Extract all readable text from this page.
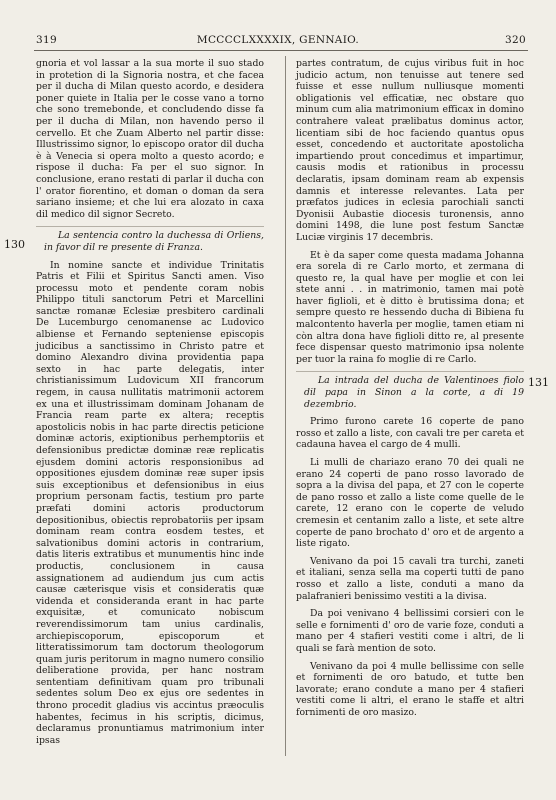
319	MCCCCLXXXXIX, GENNAIO.	320
130
131

gnoria et vol lassar a la sua morte il suo stado in protetion di la Signoria nostra, et che facea per il ducha di Milan questo acordo, e desidera poner quiete in Italia per le cosse vano a torno che sono tremebonde, et concludendo disse fa per il ducha di Milan, non havendo perso il cervello. Et che Zuam Alberto nel partir disse: Illustrissimo signor, lo episcopo orator dil ducha è à Venecia si opera molto a questo acordo; e rispose il ducha: Fa per el suo signor. In conclusione, erano restati di parlar il ducha con l' orator fiorentino, et doman o doman da sera sariano insieme; et che lui era alozato in caxa dil medico dil signor Secreto.

La sentencia contro la duchessa di Orliens, in favor dil re presente di Franza.

In nomine sancte et individue Trinitatis Patris et Filii et Spiritus Sancti amen. Viso processu moto et pendente coram nobis Philippo tituli sanctorum Petri et Marcellini sanctæ romanæ Eclesiæ presbitero cardinali De Lucemburgo cenomanense ac Ludovico albiense et Fernando septeniense episcopis judicibus a sanctissimo in Christo patre et domino Alexandro divina providentia papa sexto in hac parte delegatis, inter christianissimum Ludovicum XII francorum regem, in causa nullitatis matrimonii actorem ex una et illustrissimam dominam Johanam de Francia ream parte ex altera; receptis apostolicis nobis in hac parte directis peticione dominæ actoris, exiptionibus perhemptoriis et defensionibus predictæ dominæ reæ replicatis ejusdem domini actoris responsionibus ad oppositiones ejusdem dominæ reæ super ipsis suis exceptionibus et defensionibus in eius proprium personam factis, testium pro parte præfati domini actoris productorum depositionibus, obiectis reprobatoriis per ipsam dominam ream contra eosdem testes, et salvationibus domini actoris in contrarium, datis literis extratibus et munumentis hinc inde productis, conclusionem in causa assignationem ad audiendum jus cum actis causæ cæterisque visis et consideratis quæ videnda et consideranda erant in hac parte exquisitæ, et comunicato nobiscum reverendissimorum tam unius cardinalis, archiepiscoporum, episcoporum et litteratissimorum tam doctorum theologorum quam juris peritorum in magno numero consilio deliberatione provida, per hanc nostram sententiam definitivam quam pro tribunali sedentes solum Deo ex ejus ore sedentes in throno procedit gladius vis accintus præoculis habentes, fecimus in his scriptis, dicimus, declaramus pronuntiamus matrimonium inter ipsas

partes contratum, de cujus viribus fuit in hoc judicio actum, non tenuisse aut tenere sed fuisse et esse nullum nulliusque momenti obligationis vel efficatiæ, nec obstare quo minum cum alia matrimonium efficax in domino contrahere valeat prælibatus dominus actor, licentiam sibi de hoc faciendo quantus opus esset, concedendo et auctoritate apostolicha impartiendo prout concedimus et impartimur, causis modis et rationibus in processu declaratis, ipsam dominam ream ab expensis damnis et interesse relevantes. Lata per præfatos judices in eclesia parochiali sancti Dyonisii Aubastie diocesis turonensis, anno domini 1498, die lune post festum Sanctæ Luciæ virginis 17 decembris.

Et è da saper come questa madama Johanna era sorela di re Carlo morto, et zermana di questo re, la qual have per moglie et con lei stete anni . . in matrimonio, tamen mai potè haver figlioli, et è ditto è brutissima dona; et sempre questo re hessendo ducha di Bibiena fu malcontento haverla per moglie, tamen etiam ni còn altra dona have figlioli ditto re, al presente fece dispensar questo matrimonio ipsa nolente per tuor la raina fo moglie di re Carlo.

La intrada del ducha de Valentinoes fiolo dil papa in Sinon a la corte, a di 19 dezembrio.

Primo furono carete 16 coperte de pano rosso et zallo a liste, con cavali tre per careta et cadauna havea el cargo de 4 mulli.

Li mulli de chariazo erano 70 dei quali ne erano 24 coperti de pano rosso lavorado de sopra a la divisa del papa, et 27 con le coperte de pano rosso et zallo a liste come quelle de le carete, 12 erano con le coperte de veludo cremesin et centanim zallo a liste, et sete altre coperte de pano brochato d' oro et de argento a liste rigato.

Venivano da poi 15 cavali tra turchi, zaneti et italiani, senza sella ma coperti tutti de pano rosso et zallo a liste, conduti a mano da palafranieri benissimo vestiti a la divisa.

Da poi venivano 4 bellissimi corsieri con le selle e fornimenti d' oro de varie foze, conduti a mano per 4 stafieri vestiti come i altri, de li quali se farà mention de soto.

Venivano da poi 4 mulle bellissime con selle et fornimenti de oro batudo, et tutte ben lavorate; erano condute a mano per 4 stafieri vestiti come li altri, el erano le staffe et altri fornimenti de oro masizo.
